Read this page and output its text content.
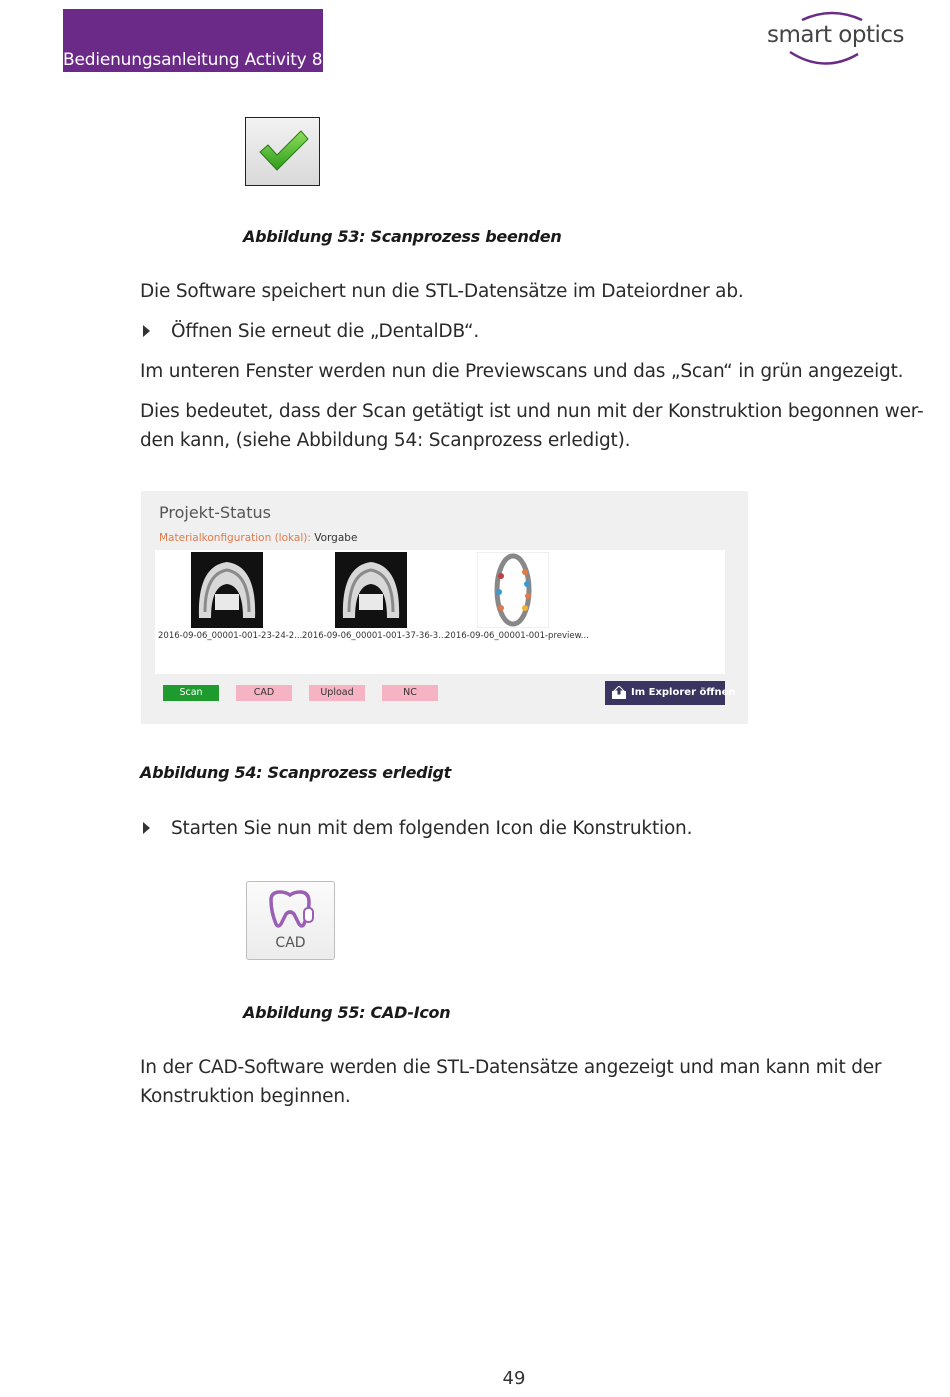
Bedienungsanleitung Activity 888
smart optics
Abbildung 53: Scanprozess beenden
Die Software speichert nun die STL-Datensätze im Dateiordner ab.
Öffnen Sie erneut die „DentalDB“.
Im unteren Fenster werden nun die Previewscans und das „Scan“ in grün angezeigt.
Dies bedeutet, dass der Scan getätigt ist und nun mit der Konstruktion begonnen wer-
den kann, (siehe Abbildung 54: Scanprozess erledigt).
Projekt-Status
Materialkonfiguration (lokal): Vorgabe
2016-09-06_00001-001-23-24-2... 2016-09-06_00001-001-37-36-3...
2016-09-06_00001-001-preview...
Scan	CAD	Upload	NC	Im Explorer öffnen
Abbildung 54: Scanprozess erledigt
Starten Sie nun mit dem folgenden Icon die Konstruktion.
CAD
Abbildung 55: CAD-Icon
In der CAD-Software werden die STL-Datensätze angezeigt und man kann mit der
Konstruktion beginnen.
49
